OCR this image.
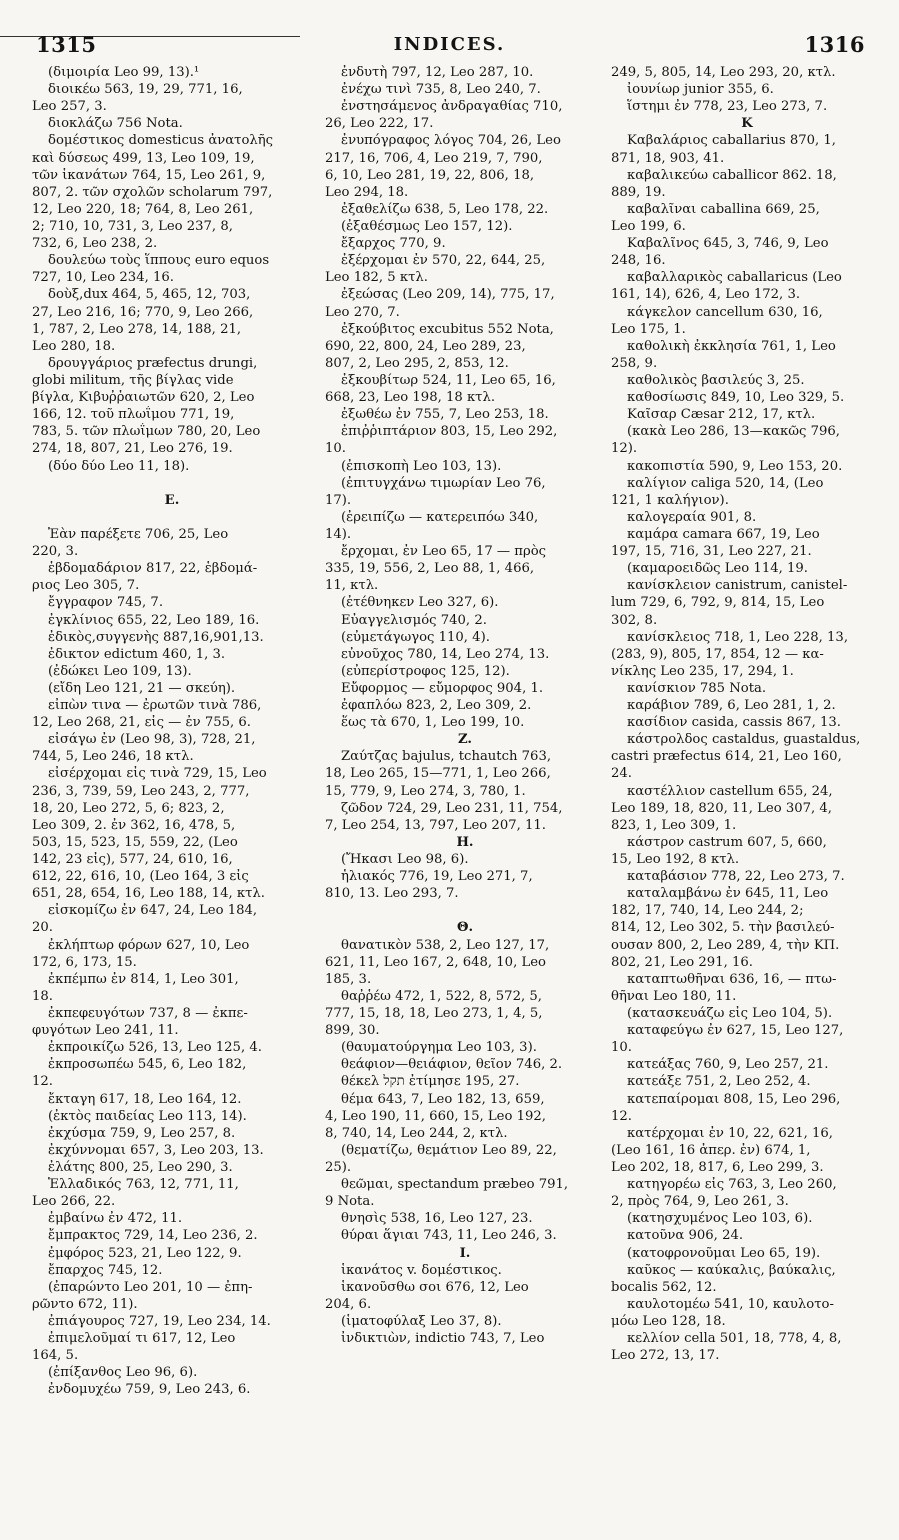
1315	INDICES.	1316
(διμοιρία Leo 99, 13).¹
διοικέω 563, 19, 29, 771, 16,
Leo 257, 3.
διοκλάζω 756 Nota.
δομέστικος domesticus ἀνατολῆς
καὶ δύσεως 499, 13, Leo 109, 19,
τῶν ἱκανάτων 764, 15, Leo 261, 9,
807, 2. τῶν σχολῶν scholarum 797,
12, Leo 220, 18; 764, 8, Leo 261,
2; 710, 10, 731, 3, Leo 237, 8,
732, 6, Leo 238, 2.
δουλεύω τοὺς ἵππους euro equos
727, 10, Leo 234, 16.
δοὺξ,dux 464, 5, 465, 12, 703,
27, Leo 216, 16; 770, 9, Leo 266,
1, 787, 2, Leo 278, 14, 188, 21,
Leo 280, 18.
δρουγγάριος præfectus drungi,
globi militum, τῆς βίγλας vide
βίγλα, Κιβυῤῥαιωτῶν 620, 2, Leo
166, 12. τοῦ πλωΐμου 771, 19,
783, 5. τῶν πλωΐμων 780, 20, Leo
274, 18, 807, 21, Leo 276, 19.
(δύο δύο Leo 11, 18).
E.
Ἐὰν παρέξετε 706, 25, Leo
220, 3.
ἑβδομαδάριον 817, 22, ἑβδομά-
ριος Leo 305, 7.
ἔγγραφον 745, 7.
ἐγκλίνιος 655, 22, Leo 189, 16.
ἐδικὸς,συγγενὴς 887,16,901,13.
ἐδικτον edictum 460, 1, 3.
(ἐδώκει Leo 109, 13).
(εἴδη Leo 121, 21 — σκεύη).
εἰπὼν τινα — ἐρωτῶν τινὰ 786,
12, Leo 268, 21, εἰς — ἐν 755, 6.
εἰσάγω ἐν (Leo 98, 3), 728, 21,
744, 5, Leo 246, 18 κτλ.
εἰσέρχομαι εἰς τινὰ 729, 15, Leo
236, 3, 739, 59, Leo 243, 2, 777,
18, 20, Leo 272, 5, 6; 823, 2,
Leo 309, 2. ἐν 362, 16, 478, 5,
503, 15, 523, 15, 559, 22, (Leo
142, 23 εἰς), 577, 24, 610, 16,
612, 22, 616, 10, (Leo 164, 3 εἰς
651, 28, 654, 16, Leo 188, 14, κτλ.
εἰσκομίζω ἐν 647, 24, Leo 184,
20.
ἐκλήπτωρ φόρων 627, 10, Leo
172, 6, 173, 15.
ἐκπέμπω ἐν 814, 1, Leo 301,
18.
ἐκπεφευγότων 737, 8 — ἐκπε-
φυγότων Leo 241, 11.
ἐκπροικίζω 526, 13, Leo 125, 4.
ἐκπροσωπέω 545, 6, Leo 182,
12.
ἔκταγη 617, 18, Leo 164, 12.
(ἐκτὸς παιδείας Leo 113, 14).
ἐκχύσμα 759, 9, Leo 257, 8.
ἐκχύννομαι 657, 3, Leo 203, 13.
ἐλάτης 800, 25, Leo 290, 3.
Ἑλλαδικός 763, 12, 771, 11,
Leo 266, 22.
ἐμβαίνω ἐν 472, 11.
ἔμπρακτος 729, 14, Leo 236, 2.
ἐμφόρος 523, 21, Leo 122, 9.
ἔπαρχος 745, 12.
(ἐπαρώντο Leo 201, 10 — ἐπη-
ρῶντο 672, 11).
ἐπιάγουρος 727, 19, Leo 234, 14.
ἐπιμελοῦμαί τι 617, 12, Leo
164, 5.
(ἐπίξανθος Leo 96, 6).
ἐνδομυχέω 759, 9, Leo 243, 6.
ἐνδυτὴ 797, 12, Leo 287, 10.
ἐνέχω τινὶ 735, 8, Leo 240, 7.
ἐνστησάμενος ἀνδραγαθίας 710,
26, Leo 222, 17.
ἐνυπόγραφος λόγος 704, 26, Leo
217, 16, 706, 4, Leo 219, 7, 790,
6, 10, Leo 281, 19, 22, 806, 18,
Leo 294, 18.
ἐξαθελίζω 638, 5, Leo 178, 22.
(ἐξαθέσμως Leo 157, 12).
ἔξαρχος 770, 9.
ἐξέρχομαι ἐν 570, 22, 644, 25,
Leo 182, 5 κτλ.
ἐξεώσας (Leo 209, 14), 775, 17,
Leo 270, 7.
ἐξκούβιτος excubitus 552 Nota,
690, 22, 800, 24, Leo 289, 23,
807, 2, Leo 295, 2, 853, 12.
ἐξκουβίτωρ 524, 11, Leo 65, 16,
668, 23, Leo 198, 18 κτλ.
ἐξωθέω ἐν 755, 7, Leo 253, 18.
ἐπιῤῥιπτάριον 803, 15, Leo 292,
10.
(ἐπισκοπὴ Leo 103, 13).
(ἐπιτυγχάνω τιμωρίαν Leo 76,
17).
(ἐρειπίζω — κατερειπόω 340,
14).
ἔρχομαι, ἐν Leo 65, 17 — πρὸς
335, 19, 556, 2, Leo 88, 1, 466,
11, κτλ.
(ἐτέθνηκεν Leo 327, 6).
Εὐαγγελισμός 740, 2.
(εὐμετάγωγος 110, 4).
εὐνοῦχος 780, 14, Leo 274, 13.
(εὐπερίστροφος 125, 12).
Εὔφορμος — εὔμορφος 904, 1.
ἐφαπλόω 823, 2, Leo 309, 2.
ἕως τὰ 670, 1, Leo 199, 10.
Z.
Ζαύτζας bajulus, tchautch 763,
18, Leo 265, 15—771, 1, Leo 266,
15, 779, 9, Leo 274, 3, 780, 1.
ζῶδον 724, 29, Leo 231, 11, 754,
7, Leo 254, 13, 797, Leo 207, 11.
H.
(Ἤκασι Leo 98, 6).
ἡλιακός 776, 19, Leo 271, 7,
810, 13. Leo 293, 7.
Θ.
θανατικὸν 538, 2, Leo 127, 17,
621, 11, Leo 167, 2, 648, 10, Leo
185, 3.
θαῤῥέω 472, 1, 522, 8, 572, 5,
777, 15, 18, 18, Leo 273, 1, 4, 5,
899, 30.
(θαυματούργημα Leo 103, 3).
θεάφιον—θειάφιον, θεῖον 746, 2.
θέκελ תקל ἐτίμησε 195, 27.
θέμα 643, 7, Leo 182, 13, 659,
4, Leo 190, 11, 660, 15, Leo 192,
8, 740, 14, Leo 244, 2, κτλ.
(θεματίζω, θεμάτιον Leo 89, 22,
25).
θεῶμαι, spectandum præbeo 791,
9 Nota.
θνησὶς 538, 16, Leo 127, 23.
θύραι ἅγιαι 743, 11, Leo 246, 3.
I.
ἱκανάτος v. δομέστικος.
ἱκανοῦσθω σοι 676, 12, Leo
204, 6.
(ἱματοφύλαξ Leo 37, 8).
ἰνδικτιὼν, indictio 743, 7, Leo
249, 5, 805, 14, Leo 293, 20, κτλ.
ἰουνίωρ junior 355, 6.
ἵστημι ἐν 778, 23, Leo 273, 7.
K
Καβαλάριος caballarius 870, 1,
871, 18, 903, 41.
καβαλικεύω caballicor 862. 18,
889, 19.
καβαλῖναι caballina 669, 25,
Leo 199, 6.
Καβαλῖνος 645, 3, 746, 9, Leo
248, 16.
καβαλλαρικὸς caballaricus (Leo
161, 14), 626, 4, Leo 172, 3.
κάγκελον cancellum 630, 16,
Leo 175, 1.
καθολικὴ ἐκκλησία 761, 1, Leo
258, 9.
καθολικὸς βασιλεύς 3, 25.
καθοσίωσις 849, 10, Leo 329, 5.
Καῖσαρ Cæsar 212, 17, κτλ.
(κακὰ Leo 286, 13—κακῶς 796,
12).
κακοπιστία 590, 9, Leo 153, 20.
καλίγιον caliga 520, 14, (Leo
121, 1 καλήγιον).
καλογεραία 901, 8.
καμάρα camara 667, 19, Leo
197, 15, 716, 31, Leo 227, 21.
(καμαροειδῶς Leo 114, 19.
κανίσκλειον canistrum, canistel-
lum 729, 6, 792, 9, 814, 15, Leo
302, 8.
κανίσκλειος 718, 1, Leo 228, 13,
(283, 9), 805, 17, 854, 12 — κα-
νίκλης Leo 235, 17, 294, 1.
κανίσκιον 785 Nota.
καράβιον 789, 6, Leo 281, 1, 2.
κασίδιον casida, cassis 867, 13.
κάστρολδος castaldus, guastaldus,
castri præfectus 614, 21, Leo 160,
24.
καστέλλιον castellum 655, 24,
Leo 189, 18, 820, 11, Leo 307, 4,
823, 1, Leo 309, 1.
κάστρον castrum 607, 5, 660,
15, Leo 192, 8 κτλ.
καταβάσιον 778, 22, Leo 273, 7.
καταλαμβάνω ἐν 645, 11, Leo
182, 17, 740, 14, Leo 244, 2;
814, 12, Leo 302, 5. τὴν βασιλεύ-
ουσαν 800, 2, Leo 289, 4, τὴν ΚΠ.
802, 21, Leo 291, 16.
καταπτωθῆναι 636, 16, — πτω-
θῆναι Leo 180, 11.
(κατασκευάζω εἰς Leo 104, 5).
καταφεύγω ἐν 627, 15, Leo 127,
10.
κατεάξας 760, 9, Leo 257, 21.
κατεάξε 751, 2, Leo 252, 4.
κατεπαίρομαι 808, 15, Leo 296,
12.
κατέρχομαι ἐν 10, 22, 621, 16,
(Leo 161, 16 ἀπερ. ἐν) 674, 1,
Leo 202, 18, 817, 6, Leo 299, 3.
κατηγορέω εἰς 763, 3, Leo 260,
2, πρὸς 764, 9, Leo 261, 3.
(κατησχυμένος Leo 103, 6).
κατοῦνα 906, 24.
(κατοφρονοῦμαι Leo 65, 19).
καῦκος — καύκαλις, βαύκαλις,
bocalis 562, 12.
καυλοτομέω 541, 10, καυλοτο-
μόω Leo 128, 18.
κελλίον cella 501, 18, 778, 4, 8,
Leo 272, 13, 17.
